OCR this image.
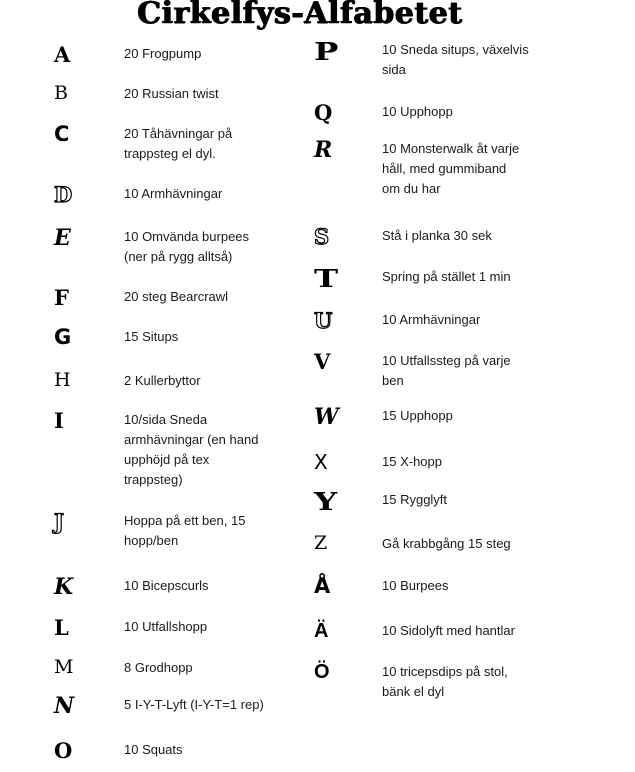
Cirkelfys-Alfabetet
A	20 Frogpump
B	20 Russian twist
C	20 Tåhävningar på
trappsteg el dyl.
D	10 Armhävningar
E	10 Omvända burpees
(ner på rygg alltså)
F	20 steg Bearcrawl
G	15 Situps
H	2 Kullerbyttor
I	10/sida Sneda
armhävningar (en hand
upphöjd på tex
trappsteg)
J	Hoppa på ett ben, 15
hopp/ben
K	10 Bicepscurls
L	10 Utfallshopp
M	8 Grodhopp
N	5 I-Y-T-Lyft (I-Y-T=1 rep)
O	10 Squats
P	10 Sneda situps, växelvis
sida
Q	10 Upphopp
R	10 Monsterwalk åt varje
håll, med gummiband
om du har
S	Stå i planka 30 sek
T	Spring på stället 1 min
U	10 Armhävningar
V	10 Utfallssteg på varje
ben
W	15 Upphopp
X	15 X-hopp
Y	15 Rygglyft
Z	Gå krabbgång 15 steg
Å	10 Burpees
Ä	10 Sidolyft med hantlar
Ö	10 tricepsdips på stol,
bänk el dyl
